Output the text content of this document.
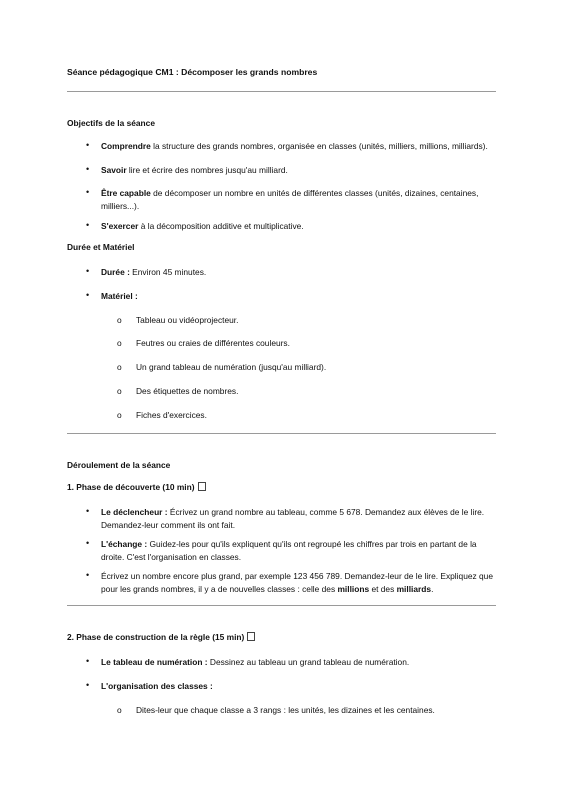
Séance pédagogique CM1 : Décomposer les grands nombres
Objectifs de la séance
• Comprendre la structure des grands nombres, organisée en classes (unités, milliers, millions, milliards).
• Savoir lire et écrire des nombres jusqu'au milliard.
• Être capable de décomposer un nombre en unités de différentes classes (unités, dizaines, centaines, milliers...).
• S'exercer à la décomposition additive et multiplicative.
Durée et Matériel
• Durée : Environ 45 minutes.
• Matériel :
o Tableau ou vidéoprojecteur.
o Feutres ou craies de différentes couleurs.
o Un grand tableau de numération (jusqu'au milliard).
o Des étiquettes de nombres.
o Fiches d'exercices.
Déroulement de la séance
1. Phase de découverte (10 min)
• Le déclencheur : Écrivez un grand nombre au tableau, comme 5 678. Demandez aux élèves de le lire. Demandez-leur comment ils ont fait.
• L'échange : Guidez-les pour qu'ils expliquent qu'ils ont regroupé les chiffres par trois en partant de la droite. C'est l'organisation en classes.
• Écrivez un nombre encore plus grand, par exemple 123 456 789. Demandez-leur de le lire. Expliquez que pour les grands nombres, il y a de nouvelles classes : celle des millions et des milliards.
2. Phase de construction de la règle (15 min)
• Le tableau de numération : Dessinez au tableau un grand tableau de numération.
• L'organisation des classes :
o Dites-leur que chaque classe a 3 rangs : les unités, les dizaines et les centaines.
